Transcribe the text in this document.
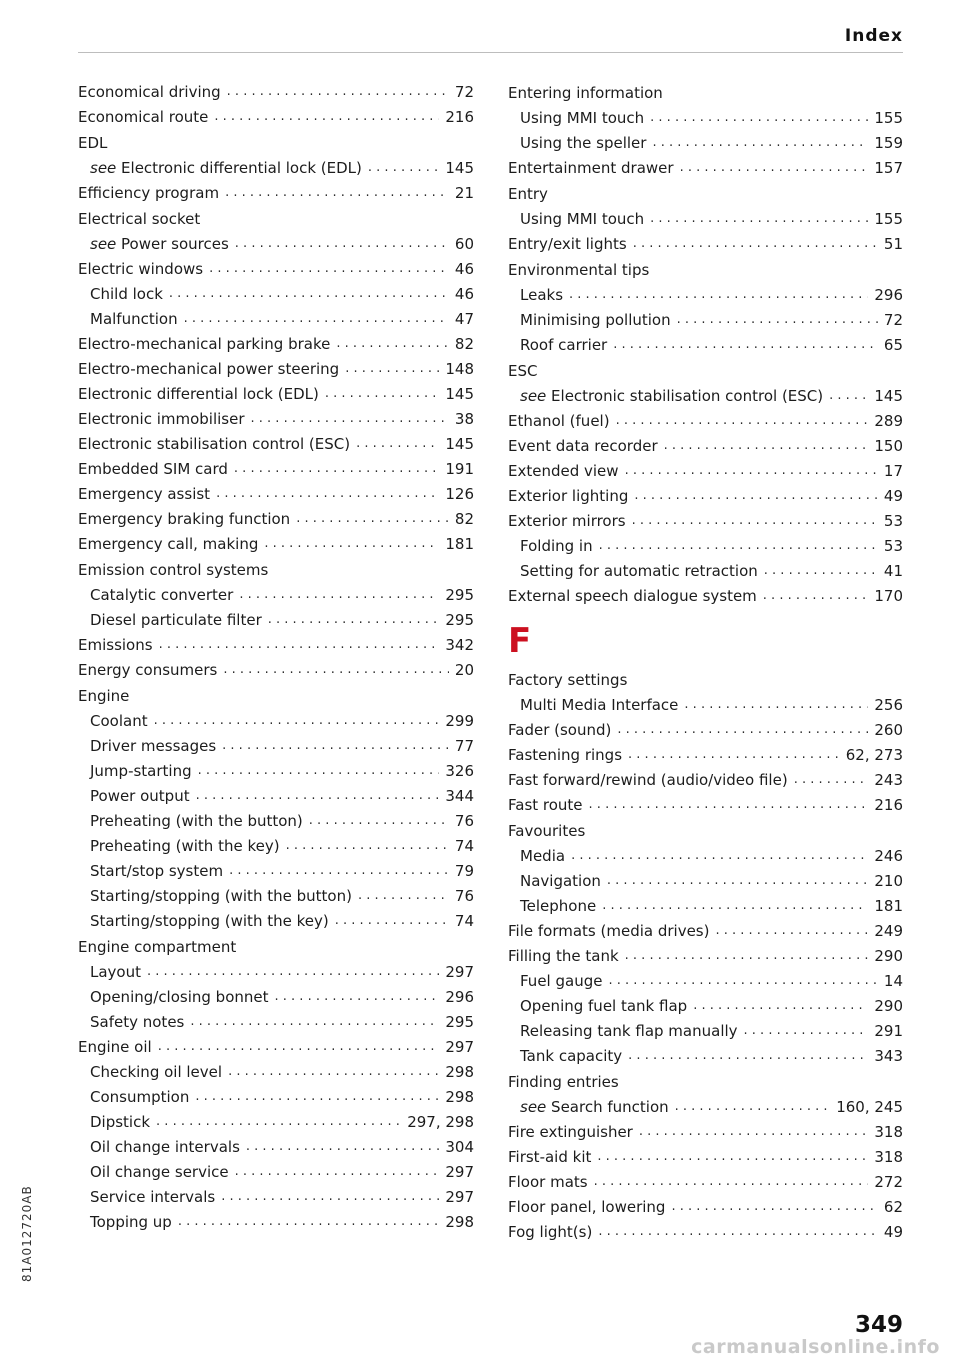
Index
Economical driving . . .	72
Economical route . . .	216
EDL
see Electronic differential lock (EDL) . . .	145
Efficiency program . . .	21
Electrical socket
see Power sources . . .	60
Electric windows . . .	46
Child lock . . .	46
Malfunction . . .	47
Electro-mechanical parking brake . . .	82
Electro-mechanical power steering . . .	148
Electronic differential lock (EDL) . . .	145
Electronic immobiliser . . .	38
Electronic stabilisation control (ESC) . . .	145
Embedded SIM card . . .	191
Emergency assist . . .	126
Emergency braking function . . .	82
Emergency call, making . . .	181
Emission control systems
Catalytic converter . . .	295
Diesel particulate filter . . .	295
Emissions . . .	342
Energy consumers . . .	20
Engine
Coolant . . .	299
Driver messages . . .	77
Jump-starting . . .	326
Power output . . .	344
Preheating (with the button) . . .	76
Preheating (with the key) . . .	74
Start/stop system . . .	79
Starting/stopping (with the button) . . .	76
Starting/stopping (with the key) . . .	74
Engine compartment
Layout . . .	297
Opening/closing bonnet . . .	296
Safety notes . . .	295
Engine oil . . .	297
Checking oil level . . .	298
Consumption . . .	298
Dipstick . . .	297, 298
Oil change intervals . . .	304
Oil change service . . .	297
Service intervals . . .	297
Topping up . . .	298
Entering information
Using MMI touch . . .	155
Using the speller . . .	159
Entertainment drawer . . .	157
Entry
Using MMI touch . . .	155
Entry/exit lights . . .	51
Environmental tips
Leaks . . .	296
Minimising pollution . . .	72
Roof carrier . . .	65
ESC
see Electronic stabilisation control (ESC) . . .	145
Ethanol (fuel) . . .	289
Event data recorder . . .	150
Extended view . . .	17
Exterior lighting . . .	49
Exterior mirrors . . .	53
Folding in . . .	53
Setting for automatic retraction . . .	41
External speech dialogue system . . .	170
F
Factory settings
Multi Media Interface . . .	256
Fader (sound) . . .	260
Fastening rings . . .	62, 273
Fast forward/rewind (audio/video file) . . .	243
Fast route . . .	216
Favourites
Media . . .	246
Navigation . . .	210
Telephone . . .	181
File formats (media drives) . . .	249
Filling the tank . . .	290
Fuel gauge . . .	14
Opening fuel tank flap . . .	290
Releasing tank flap manually . . .	291
Tank capacity . . .	343
Finding entries
see Search function . . .	160, 245
Fire extinguisher . . .	318
First-aid kit . . .	318
Floor mats . . .	272
Floor panel, lowering . . .	62
Fog light(s) . . .	49
81A012720AB
349
carmanualsonline.info
